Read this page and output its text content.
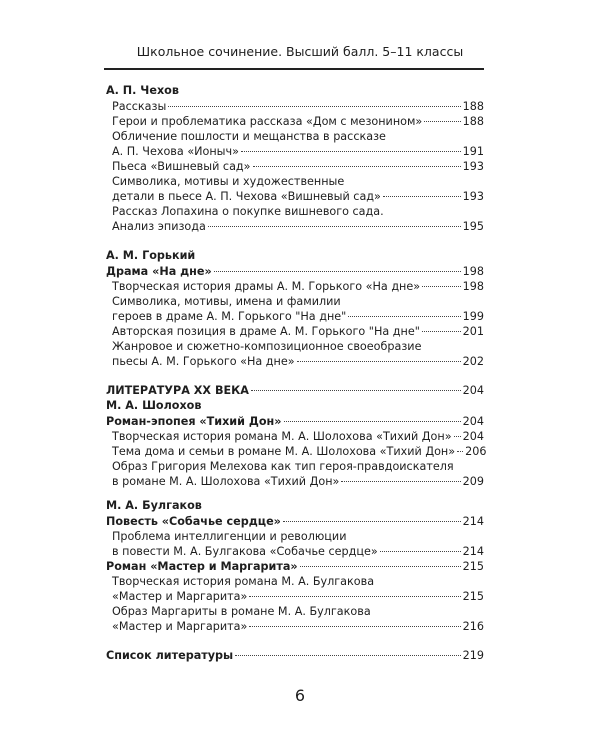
Школьное сочинение. Высший балл. 5–11 классы
А. П. Чехов
Рассказы	188
Герои и проблематика рассказа «Дом с мезонином»	188
Обличение пошлости и мещанства в рассказе
А. П. Чехова «Ионыч»	191
Пьеса «Вишневый сад»	193
Символика, мотивы и художественные
детали в пьесе А. П. Чехова «Вишневый сад»	193
Рассказ Лопахина о покупке вишневого сада.
Анализ эпизода	195
А. М. Горький
Драма «На дне»	198
Творческая история драмы А. М. Горького «На дне»	198
Символика, мотивы, имена и фамилии
героев в драме А. М. Горького "На дне"	199
Авторская позиция в драме А. М. Горького "На дне"	201
Жанровое и сюжетно-композиционное своеобразие
пьесы А. М. Горького «На дне»	202
ЛИТЕРАТУРА XX ВЕКА	204
М. А. Шолохов
Роман-эпопея «Тихий Дон»	204
Творческая история романа М. А. Шолохова «Тихий Дон» 204
Тема дома и семьи в романе М. А. Шолохова «Тихий Дон» 206
Образ Григория Мелехова как тип героя-правдоискателя
в романе М. А. Шолохова «Тихий Дон»	209
М. А. Булгаков
Повесть «Собачье сердце»	214
Проблема интеллигенции и революции
в повести М. А. Булгакова «Собачье сердце»	214
Роман «Мастер и Маргарита»	215
Творческая история романа М. А. Булгакова
«Мастер и Маргарита»	215
Образ Маргариты в романе М. А. Булгакова
«Мастер и Маргарита»	216
Список литературы	219
6
